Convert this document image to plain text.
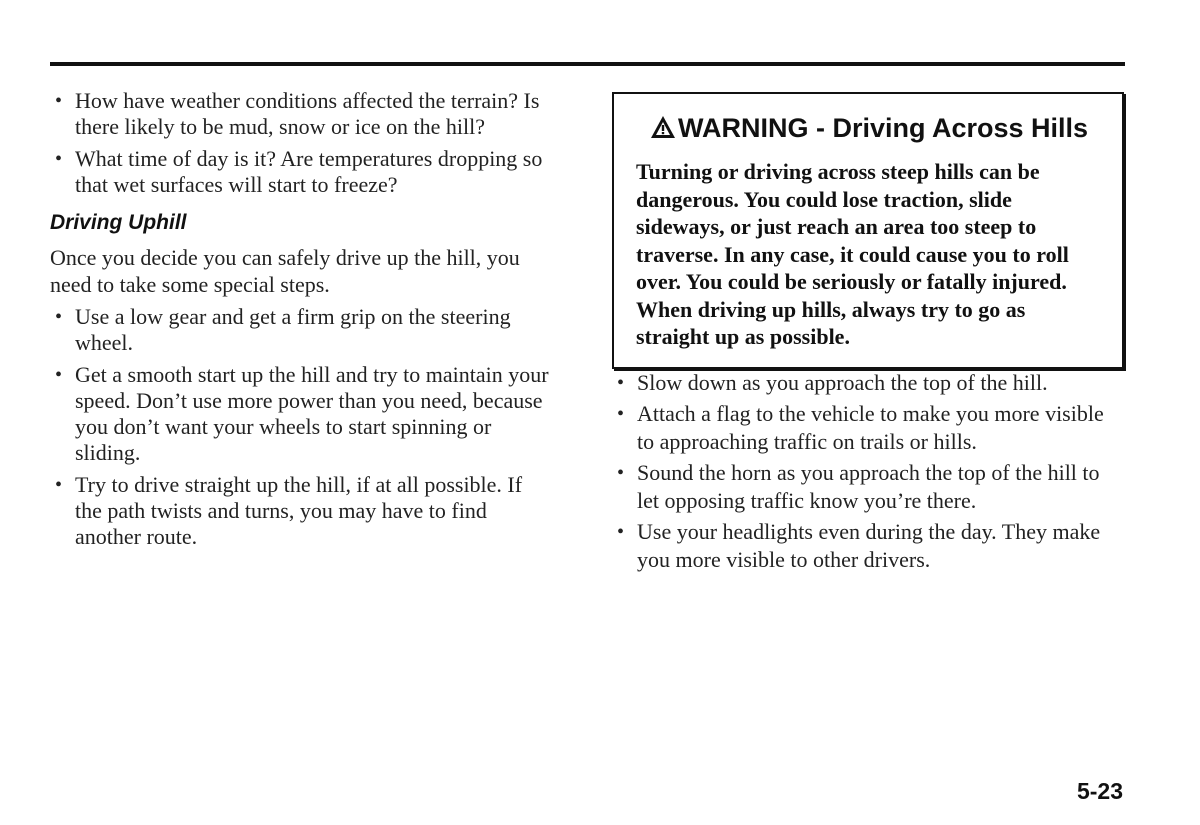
• How have weather conditions affected the terrain? Is there likely to be mud, snow or ice on the hill?
• What time of day is it? Are temperatures dropping so that wet surfaces will start to freeze?
Driving Uphill

Once you decide you can safely drive up the hill, you need to take some special steps.

• Use a low gear and get a firm grip on the steering wheel.
• Get a smooth start up the hill and try to maintain your speed. Don’t use more power than you need, because you don’t want your wheels to start spinning or sliding.
• Try to drive straight up the hill, if at all possible. If the path twists and turns, you may have to find another route.
WARNING - Driving Across Hills
Turning or driving across steep hills can be dangerous. You could lose traction, slide sideways, or just reach an area too steep to traverse. In any case, it could cause you to roll over. You could be seriously or fatally injured. When driving up hills, always try to go as straight up as possible.
• Slow down as you approach the top of the hill.
• Attach a flag to the vehicle to make you more visible to approaching traffic on trails or hills.
• Sound the horn as you approach the top of the hill to let opposing traffic know you’re there.
• Use your headlights even during the day. They make you more visible to other drivers.
5-23
